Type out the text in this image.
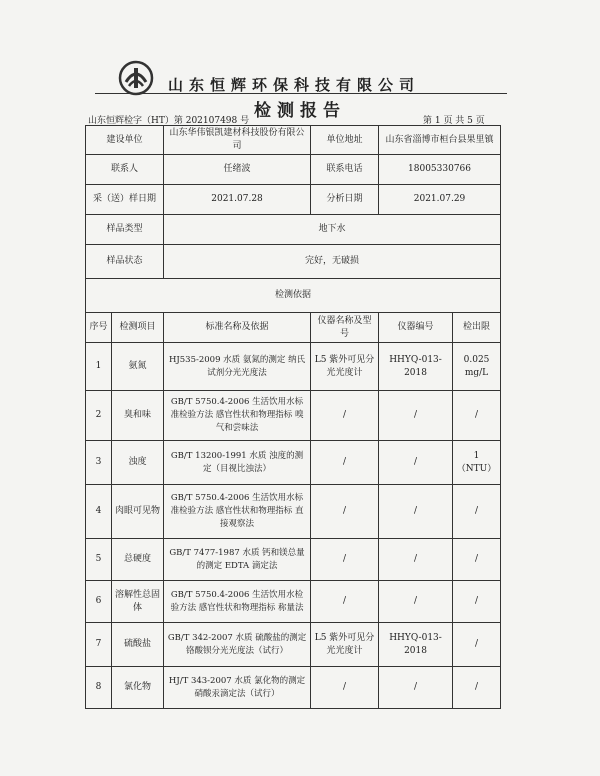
山东恒辉环保科技有限公司
检测报告
山东恒辉检字（HT）第 202107498 号	第 1 页 共 5 页
建设单位		山东华伟银凯建材科技股份有限公司	单位地址	山东省淄博市桓台县果里镇	
联系人		任绪波	联系电话	18005330766	
采（送）样日期		2021.07.28	分析日期	2021.07.29	
样品类型		地下水			
样品状态		完好，无破损			
检测依据					
序号	检测项目	标准名称及依据	仪器名称及型号	仪器编号	检出限
1	氨氮	HJ535-2009 水质 氨氮的测定 纳氏试剂分光光度法	L5 紫外可见分光光度计	HHYQ-013-2018	0.025 mg/L
2	臭和味	GB/T 5750.4-2006 生活饮用水标准检验方法 感官性状和物理指标 嗅气和尝味法	/	/	/
3	浊度	GB/T 13200-1991 水质 浊度的测定（目视比浊法）	/	/	1 （NTU）
4	肉眼可见物	GB/T 5750.4-2006 生活饮用水标准检验方法 感官性状和物理指标 直接观察法	/	/	/
5	总硬度	GB/T 7477-1987 水质 钙和镁总量的测定 EDTA 滴定法	/	/	/
6	溶解性总固体	GB/T 5750.4-2006 生活饮用水检验方法 感官性状和物理指标 称量法	/	/	/
7	硫酸盐	GB/T 342-2007 水质 硫酸盐的测定 铬酸钡分光光度法（试行）	L5 紫外可见分光光度计	HHYQ-013-2018	/
8	氯化物	HJ/T 343-2007 水质 氯化物的测定 硝酸汞滴定法（试行）	/	/	/
